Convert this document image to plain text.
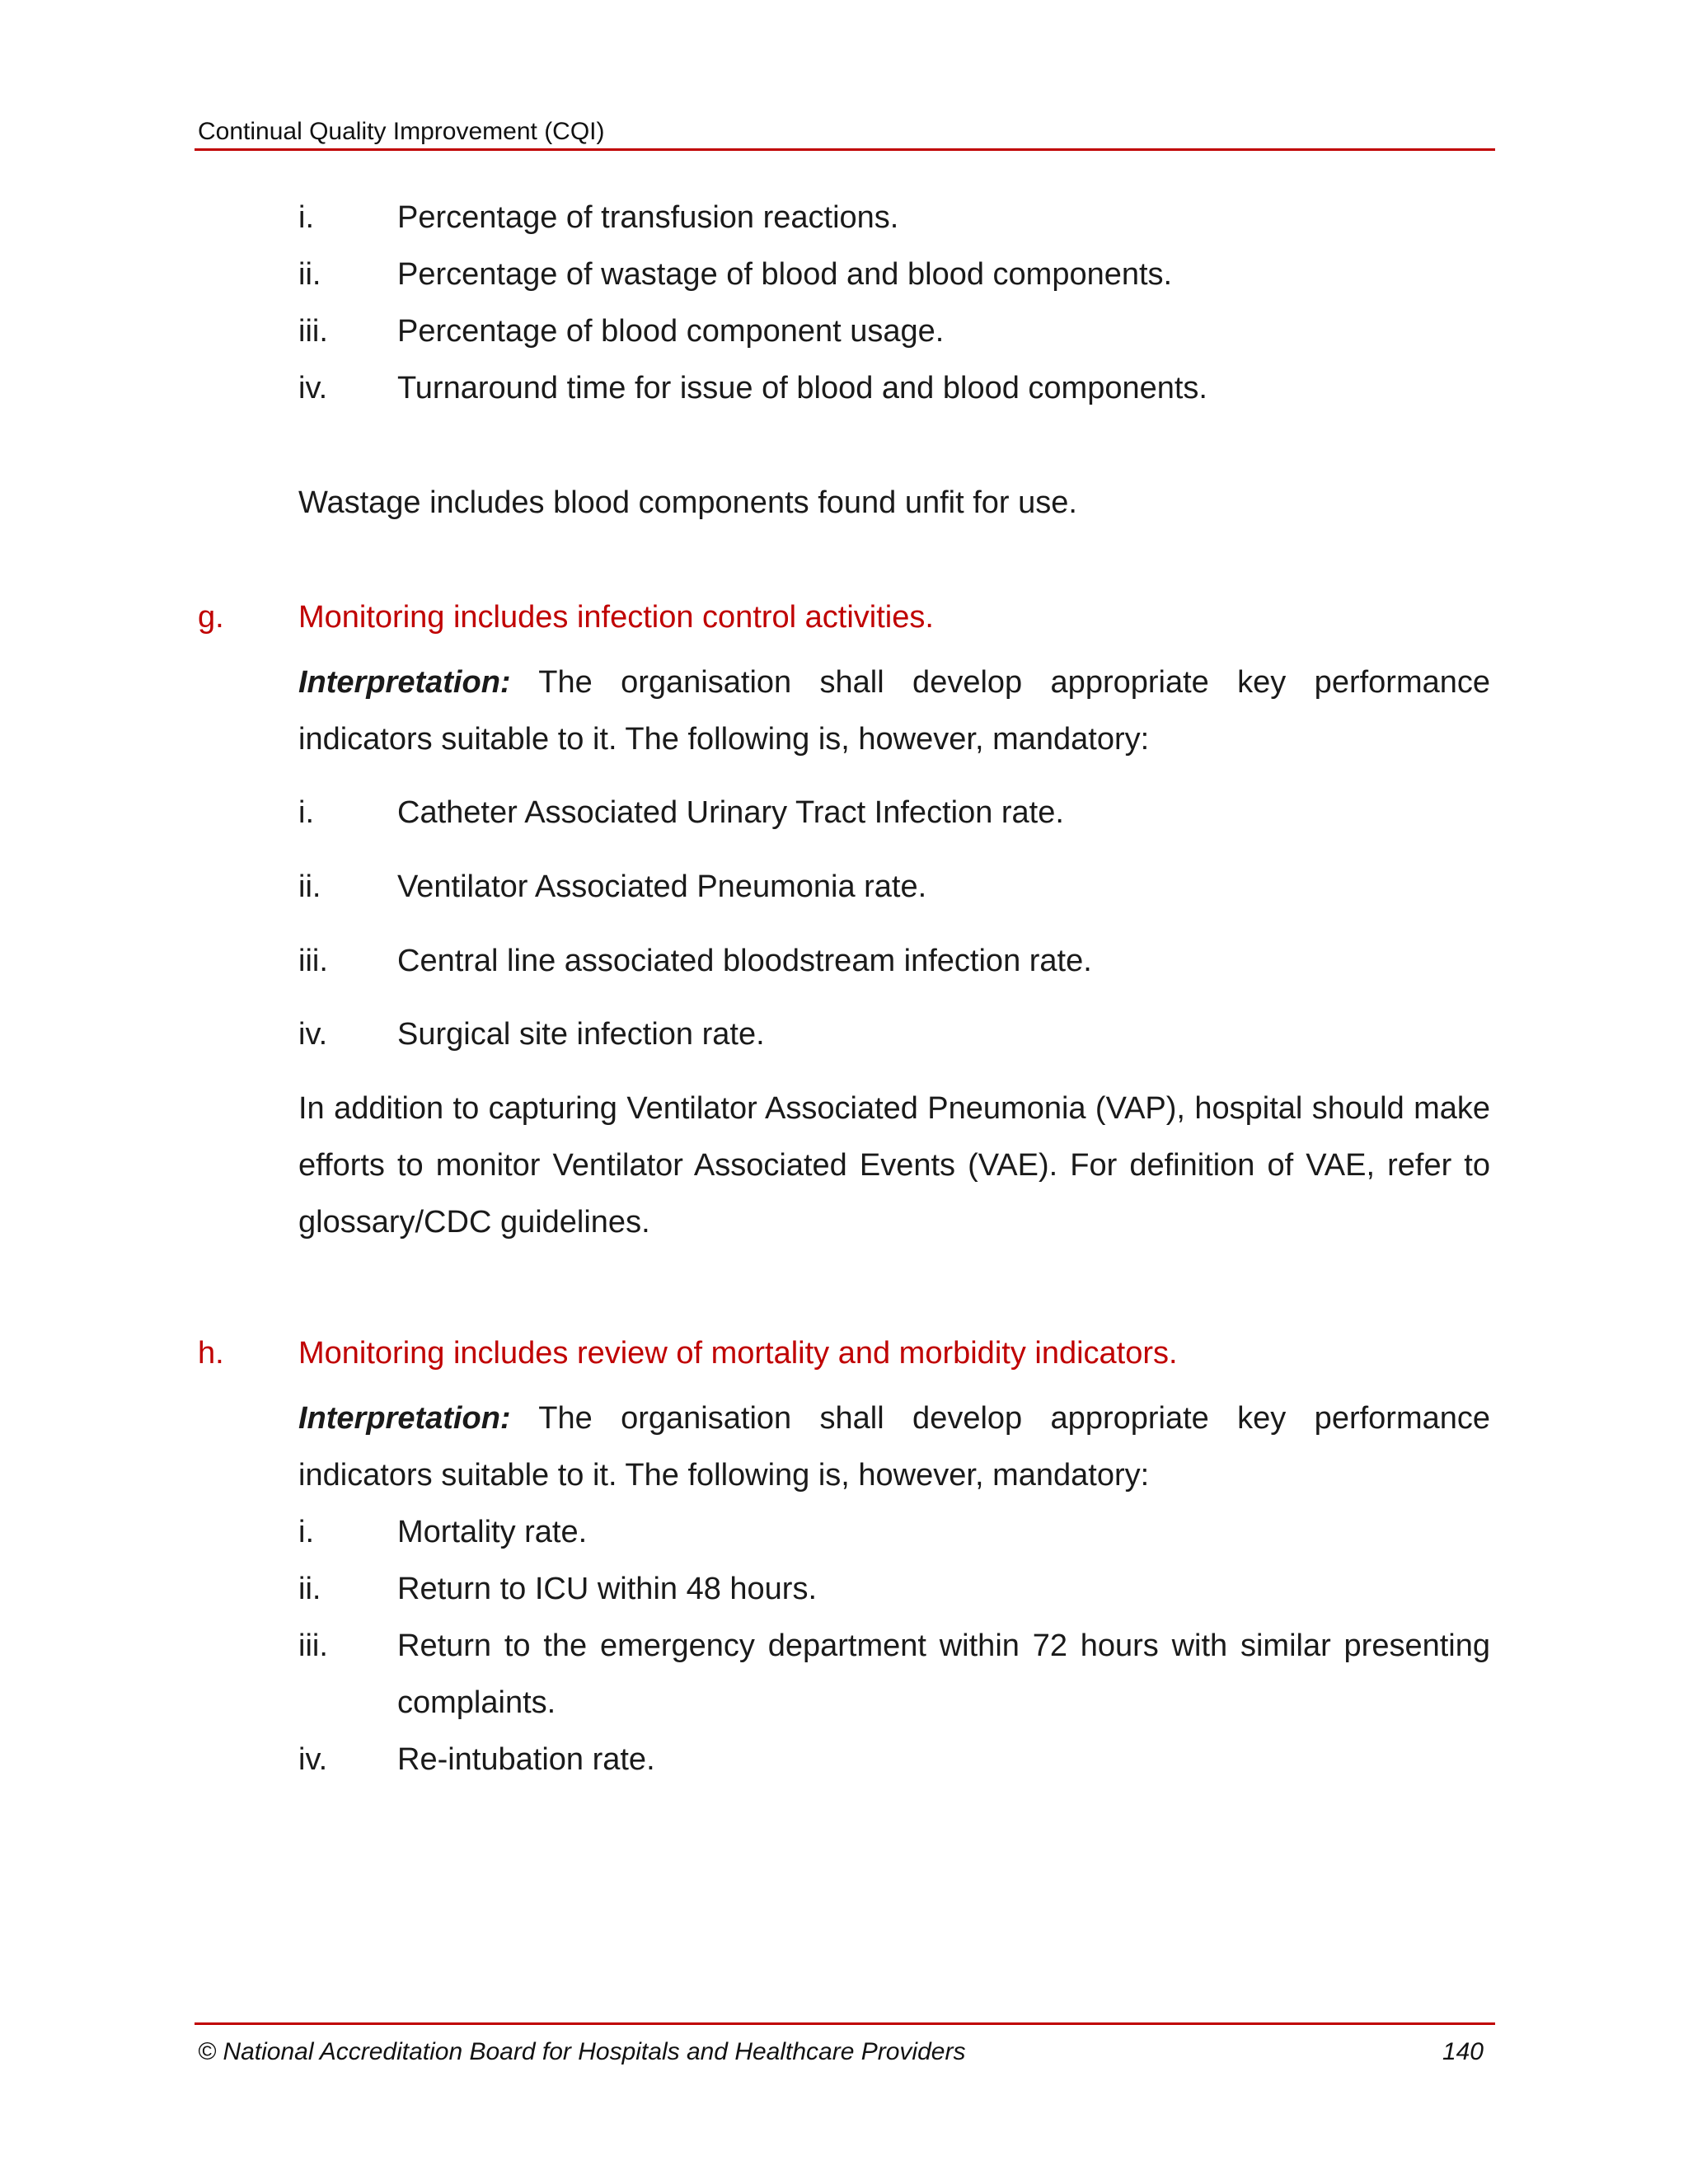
Continual Quality Improvement (CQI)
i.	Percentage of transfusion reactions.
ii.	Percentage of wastage of blood and blood components.
iii.	Percentage of blood component usage.
iv.	Turnaround time for issue of blood and blood components.
Wastage includes blood components found unfit for use.
g. Monitoring includes infection control activities.
Interpretation: The organisation shall develop appropriate key performance indicators suitable to it. The following is, however, mandatory:
i.	Catheter Associated Urinary Tract Infection rate.
ii.	Ventilator Associated Pneumonia rate.
iii.	Central line associated bloodstream infection rate.
iv.	Surgical site infection rate.
In addition to capturing Ventilator Associated Pneumonia (VAP), hospital should make efforts to monitor Ventilator Associated Events (VAE). For definition of VAE, refer to glossary/CDC guidelines.
h. Monitoring includes review of mortality and morbidity indicators.
Interpretation: The organisation shall develop appropriate key performance indicators suitable to it. The following is, however, mandatory:
i.	Mortality rate.
ii.	Return to ICU within 48 hours.
iii.	Return to the emergency department within 72 hours with similar presenting complaints.
iv.	Re-intubation rate.
© National Accreditation Board for Hospitals and Healthcare Providers	140
